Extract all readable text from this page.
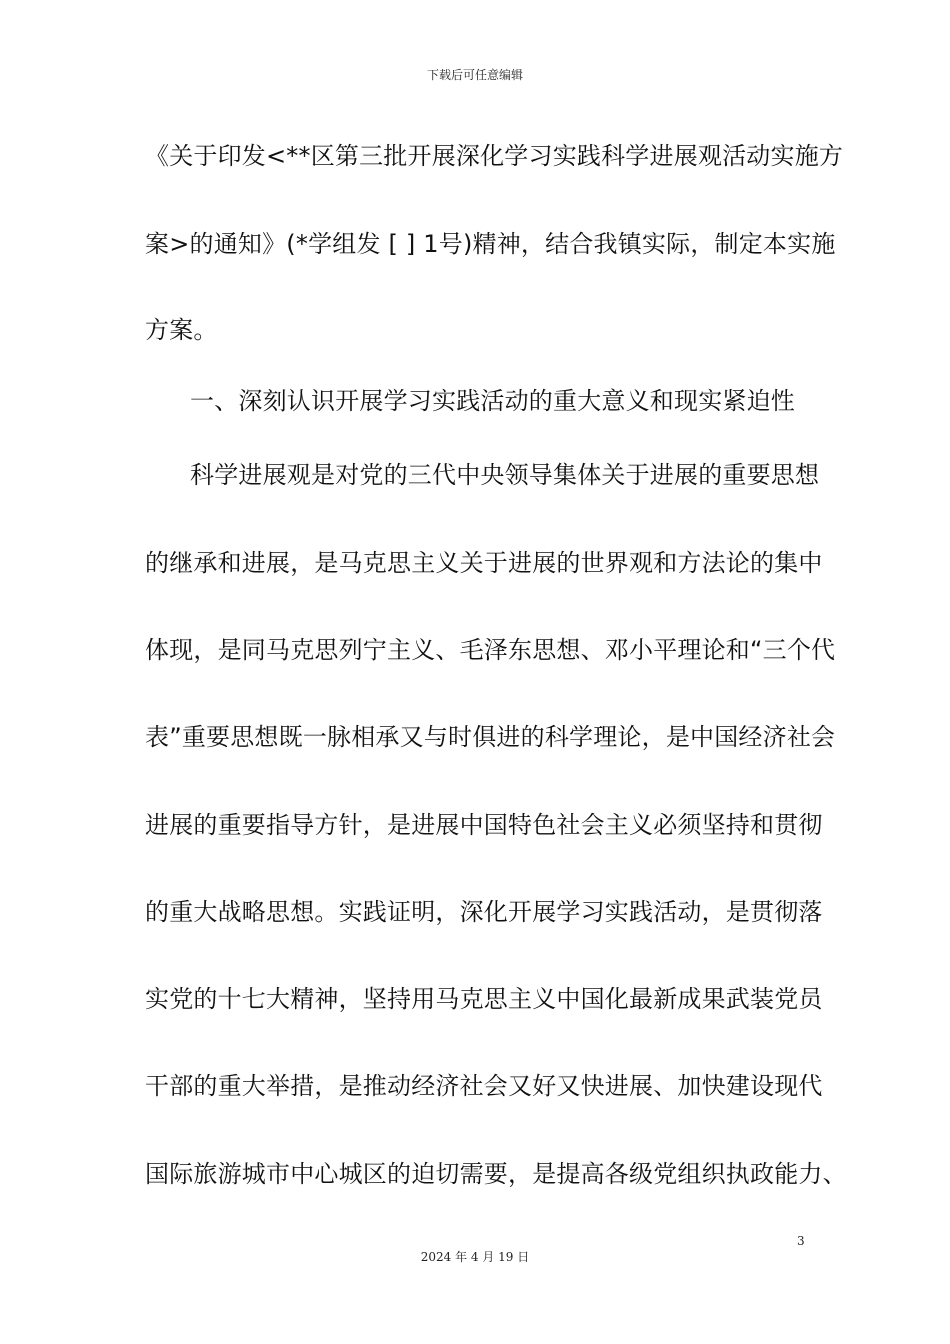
下载后可任意编辑
《关于印发<**区第三批开展深化学习实践科学进展观活动实施方
案>的通知》(*学组发 [ ] 1号)精神，结合我镇实际，制定本实施
方案。
一、深刻认识开展学习实践活动的重大意义和现实紧迫性
科学进展观是对党的三代中央领导集体关于进展的重要思想
的继承和进展，是马克思主义关于进展的世界观和方法论的集中
体现，是同马克思列宁主义、毛泽东思想、邓小平理论和“三个代
表”重要思想既一脉相承又与时俱进的科学理论，是中国经济社会
进展的重要指导方针，是进展中国特色社会主义必须坚持和贯彻
的重大战略思想。实践证明，深化开展学习实践活动，是贯彻落
实党的十七大精神，坚持用马克思主义中国化最新成果武装党员
干部的重大举措，是推动经济社会又好又快进展、加快建设现代
国际旅游城市中心城区的迫切需要，是提高各级党组织执政能力、
3
2024 年 4 月 19 日
